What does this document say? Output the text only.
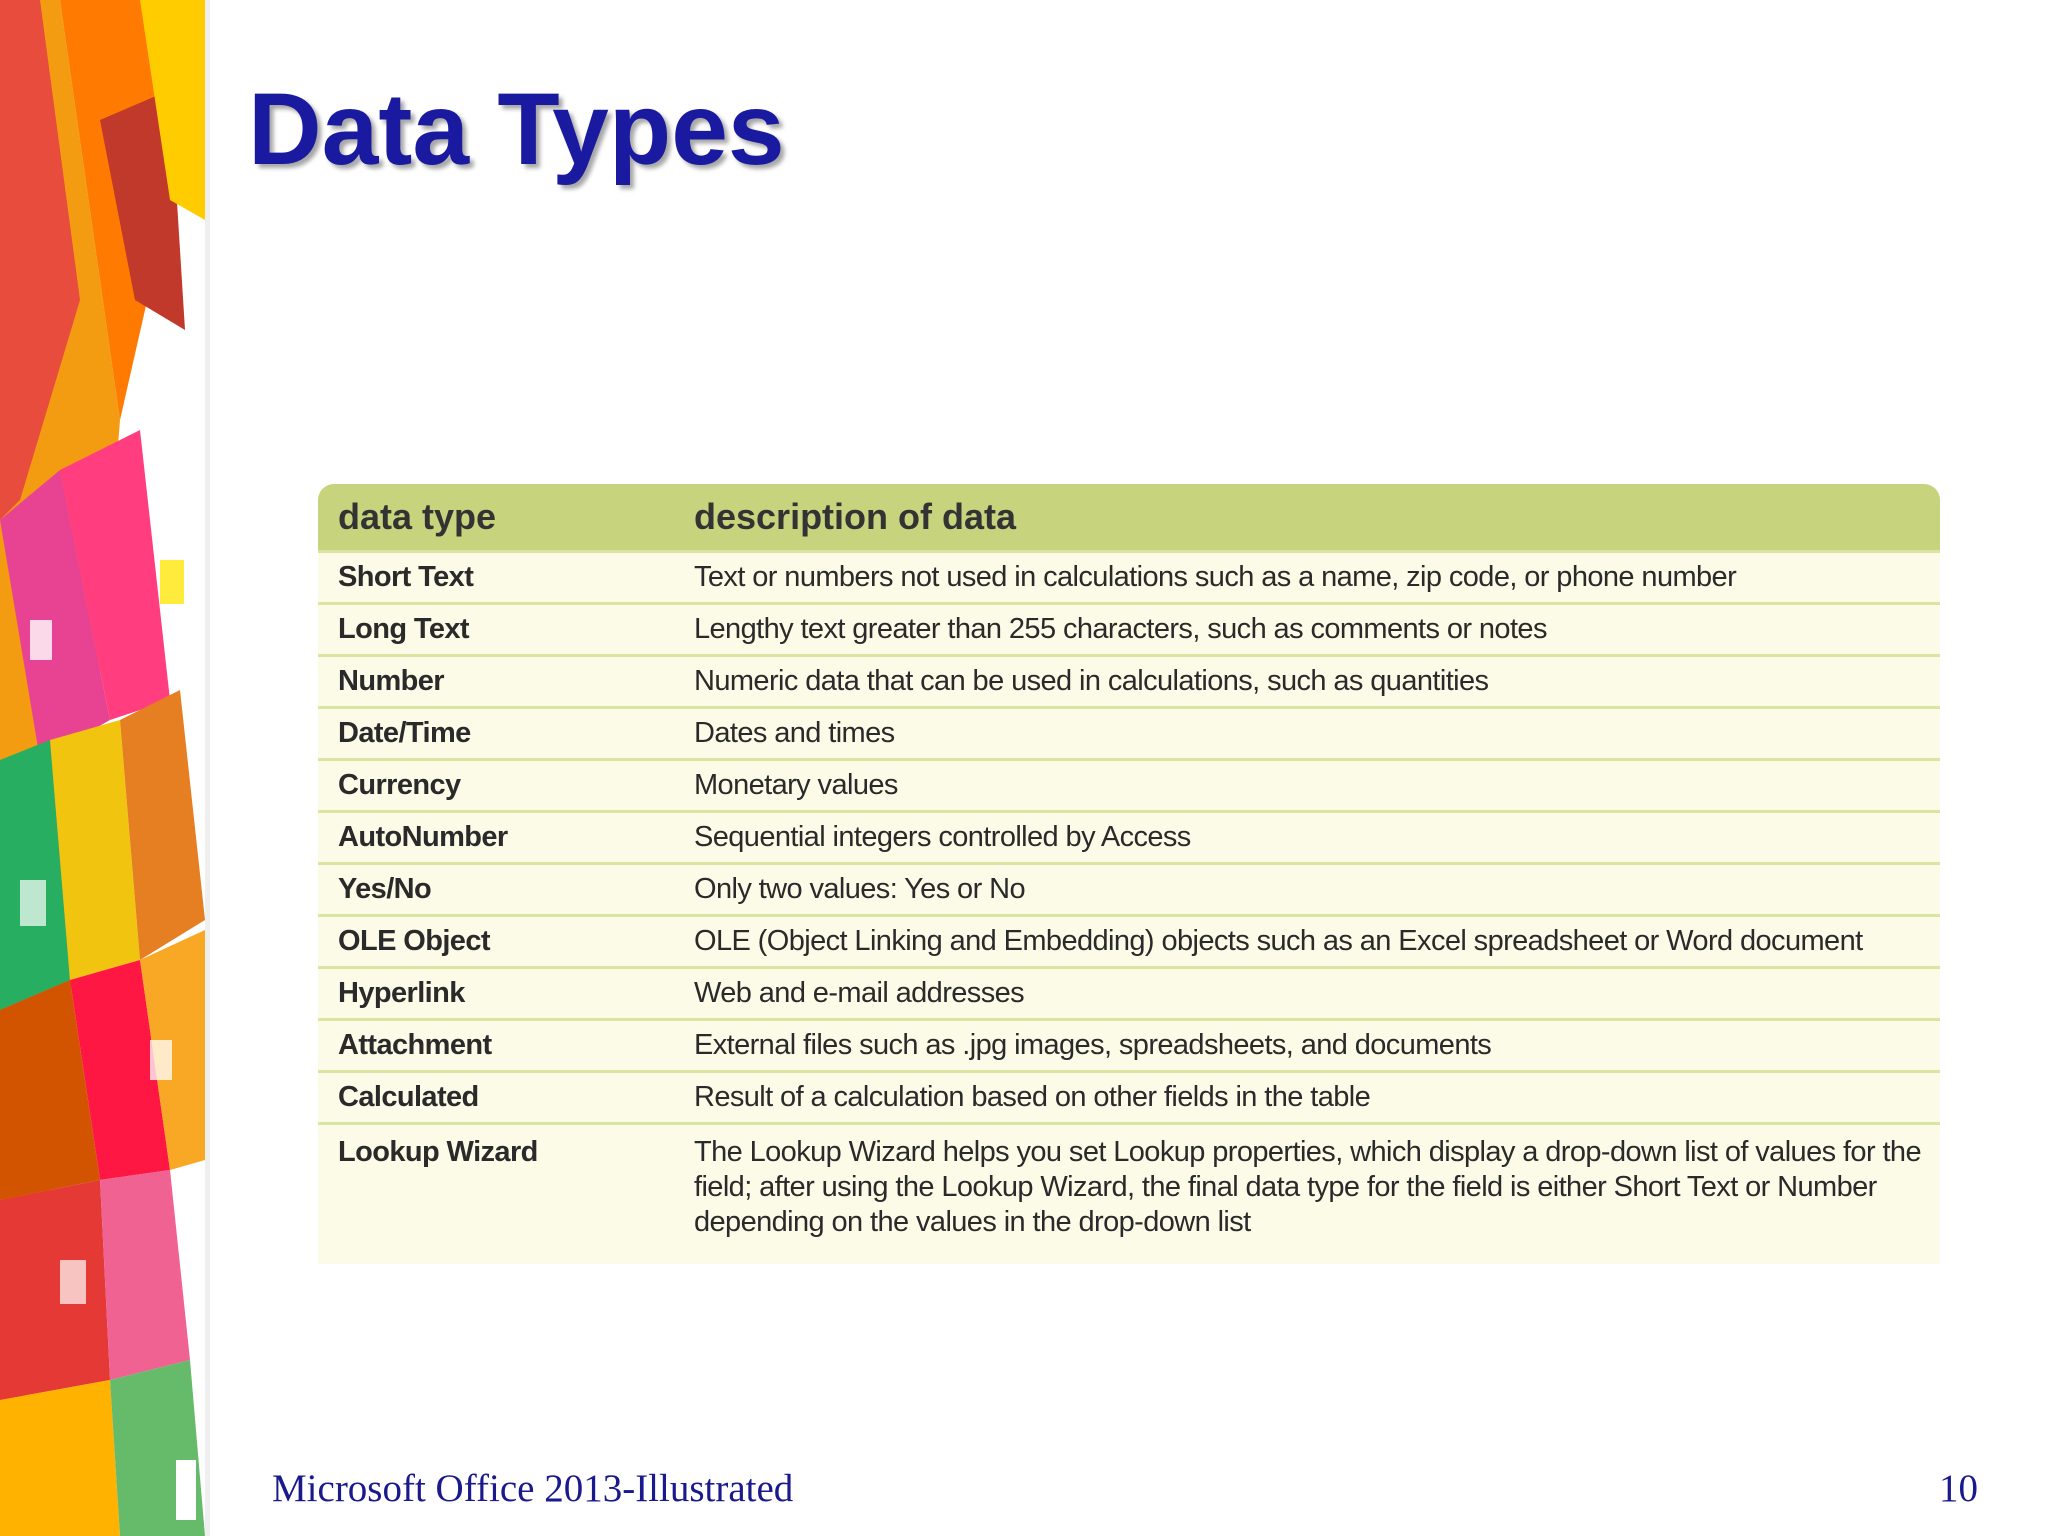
Data Types
data type	description of data
Short Text	Text or numbers not used in calculations such as a name, zip code, or phone number
Long Text	Lengthy text greater than 255 characters, such as comments or notes
Number	Numeric data that can be used in calculations, such as quantities
Date/Time	Dates and times
Currency	Monetary values
AutoNumber	Sequential integers controlled by Access
Yes/No	Only two values: Yes or No
OLE Object	OLE (Object Linking and Embedding) objects such as an Excel spreadsheet or Word document
Hyperlink	Web and e-mail addresses
Attachment	External files such as .jpg images, spreadsheets, and documents
Calculated	Result of a calculation based on other fields in the table
Lookup Wizard	The Lookup Wizard helps you set Lookup properties, which display a drop-down list of values for the field; after using the Lookup Wizard, the final data type for the field is either Short Text or Number depending on the values in the drop-down list
Microsoft Office 2013-Illustrated	10
